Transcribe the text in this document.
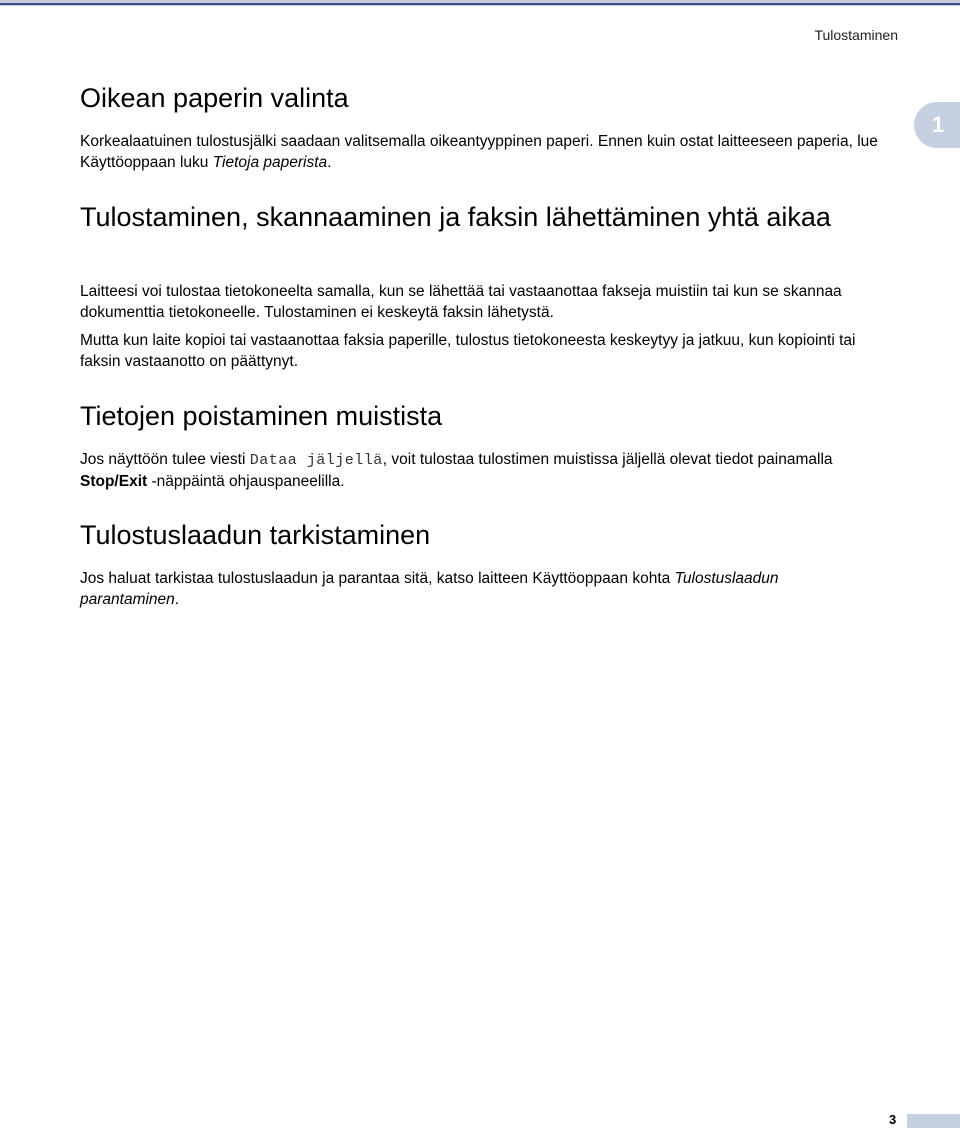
Tulostaminen
1
Oikean paperin valinta

Korkealaatuinen tulostusjälki saadaan valitsemalla oikeantyyppinen paperi. Ennen kuin ostat laitteeseen paperia, lue Käyttöoppaan luku Tietoja paperista.

Tulostaminen, skannaaminen ja faksin lähettäminen yhtä aikaa

Laitteesi voi tulostaa tietokoneelta samalla, kun se lähettää tai vastaanottaa fakseja muistiin tai kun se skannaa dokumenttia tietokoneelle. Tulostaminen ei keskeytä faksin lähetystä.

Mutta kun laite kopioi tai vastaanottaa faksia paperille, tulostus tietokoneesta keskeytyy ja jatkuu, kun kopiointi tai faksin vastaanotto on päättynyt.

Tietojen poistaminen muistista

Jos näyttöön tulee viesti Dataa jäljellä, voit tulostaa tulostimen muistissa jäljellä olevat tiedot painamalla Stop/Exit -näppäintä ohjauspaneelilla.

Tulostuslaadun tarkistaminen

Jos haluat tarkistaa tulostuslaadun ja parantaa sitä, katso laitteen Käyttöoppaan kohta Tulostuslaadun parantaminen.

3
